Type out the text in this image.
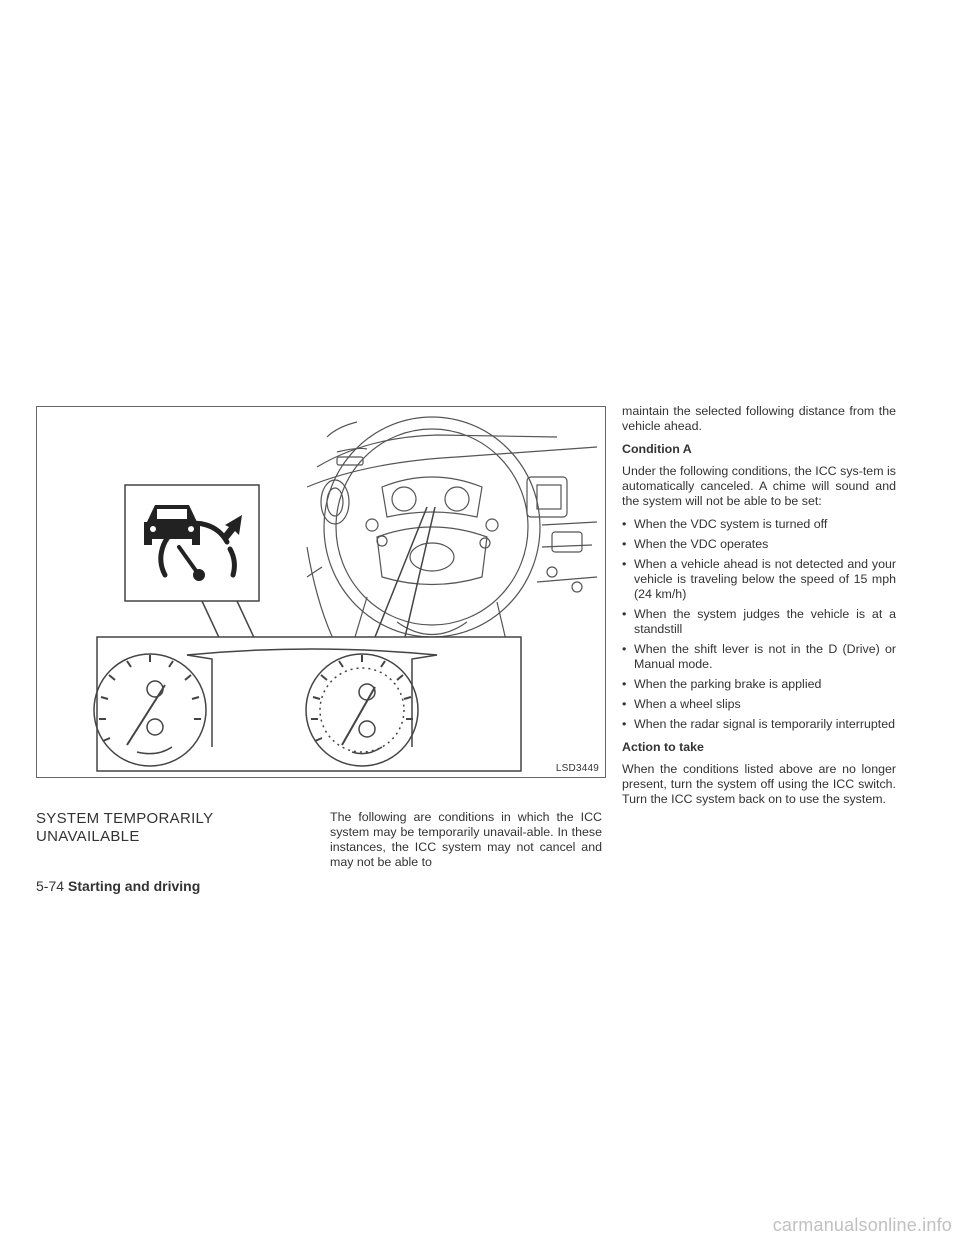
LSD3449
SYSTEM TEMPORARILY UNAVAILABLE

The following are conditions in which the ICC system may be temporarily unavail-able. In these instances, the ICC system may not cancel and may not be able to

maintain the selected following distance from the vehicle ahead.

Condition A

Under the following conditions, the ICC sys-tem is automatically canceled. A chime will sound and the system will not be able to be set:

• When the VDC system is turned off
• When the VDC operates
• When a vehicle ahead is not detected and your vehicle is traveling below the speed of 15 mph (24 km/h)
• When the system judges the vehicle is at a standstill
• When the shift lever is not in the D (Drive) or Manual mode.
• When the parking brake is applied
• When a wheel slips
• When the radar signal is temporarily interrupted

Action to take

When the conditions listed above are no longer present, turn the system off using the ICC switch. Turn the ICC system back on to use the system.

5-74 Starting and driving
carmanualsonline.info
